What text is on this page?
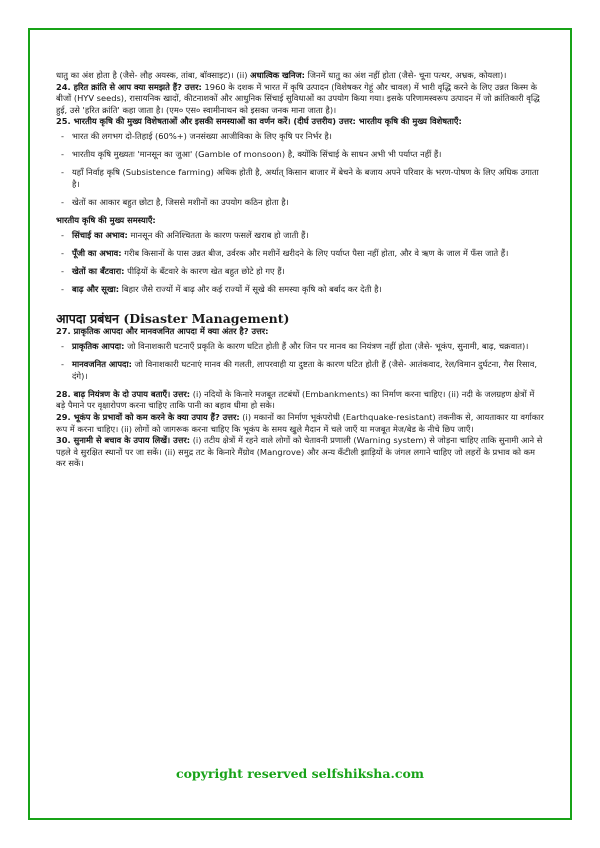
धातु का अंश होता है (जैसे- लौह अयस्क, तांबा, बॉक्साइट)। (ii) अधात्विक खनिज: जिनमें धातु का अंश नहीं होता (जैसे- चूना पत्थर, अभ्रक, कोयला)।

24. हरित क्रांति से आप क्या समझते हैं? उत्तर: 1960 के दशक में भारत में कृषि उत्पादन (विशेषकर गेहूं और चावल) में भारी वृद्धि करने के लिए उन्नत किस्म के बीजों (HYV seeds), रासायनिक खादों, कीटनाशकों और आधुनिक सिंचाई सुविधाओं का उपयोग किया गया। इसके परिणामस्वरूप उत्पादन में जो क्रांतिकारी वृद्धि हुई, उसे 'हरित क्रांति' कहा जाता है। (एम० एस० स्वामीनाथन को इसका जनक माना जाता है)।

25. भारतीय कृषि की मुख्य विशेषताओं और इसकी समस्याओं का वर्णन करें। (दीर्घ उत्तरीय) उत्तर: भारतीय कृषि की मुख्य विशेषताएँ:

- भारत की लगभग दो-तिहाई (60%+) जनसंख्या आजीविका के लिए कृषि पर निर्भर है।
- भारतीय कृषि मुख्यतः 'मानसून का जुआ' (Gamble of monsoon) है, क्योंकि सिंचाई के साधन अभी भी पर्याप्त नहीं हैं।
- यहाँ निर्वाह कृषि (Subsistence farming) अधिक होती है, अर्थात् किसान बाजार में बेचने के बजाय अपने परिवार के भरण-पोषण के लिए अधिक उगाता है।
- खेतों का आकार बहुत छोटा है, जिससे मशीनों का उपयोग कठिन होता है।

भारतीय कृषि की मुख्य समस्याएँ:

- सिंचाई का अभाव: मानसून की अनिश्चितता के कारण फसलें खराब हो जाती हैं।
- पूँजी का अभाव: गरीब किसानों के पास उन्नत बीज, उर्वरक और मशीनें खरीदने के लिए पर्याप्त पैसा नहीं होता, और वे ऋण के जाल में फँस जाते हैं।
- खेतों का बँटवारा: पीढ़ियों के बँटवारे के कारण खेत बहुत छोटे हो गए हैं।
- बाढ़ और सूखा: बिहार जैसे राज्यों में बाढ़ और कई राज्यों में सूखे की समस्या कृषि को बर्बाद कर देती है।

आपदा प्रबंधन (Disaster Management)

27. प्राकृतिक आपदा और मानवजनित आपदा में क्या अंतर है? उत्तर:

- प्राकृतिक आपदा: जो विनाशकारी घटनाएँ प्रकृति के कारण घटित होती हैं और जिन पर मानव का नियंत्रण नहीं होता (जैसे- भूकंप, सुनामी, बाढ़, चक्रवात)।
- मानवजनित आपदा: जो विनाशकारी घटनाएं मानव की गलती, लापरवाही या दुष्टता के कारण घटित होती हैं (जैसे- आतंकवाद, रेल/विमान दुर्घटना, गैस रिसाव, दंगे)।

28. बाढ़ नियंत्रण के दो उपाय बताएँ। उत्तर: (i) नदियों के किनारे मजबूत तटबंधों (Embankments) का निर्माण करना चाहिए। (ii) नदी के जलग्रहण क्षेत्रों में बड़े पैमाने पर वृक्षारोपण करना चाहिए ताकि पानी का बहाव धीमा हो सके।

29. भूकंप के प्रभावों को कम करने के क्या उपाय हैं? उत्तर: (i) मकानों का निर्माण भूकंपरोधी (Earthquake-resistant) तकनीक से, आयताकार या वर्गाकार रूप में करना चाहिए। (ii) लोगों को जागरूक करना चाहिए कि भूकंप के समय खुले मैदान में चले जाएँ या मजबूत मेज/बेड के नीचे छिप जाएँ।

30. सुनामी से बचाव के उपाय लिखें। उत्तर: (i) तटीय क्षेत्रों में रहने वाले लोगों को चेतावनी प्रणाली (Warning system) से जोड़ना चाहिए ताकि सुनामी आने से पहले वे सुरक्षित स्थानों पर जा सकें। (ii) समुद्र तट के किनारे मैंग्रोव (Mangrove) और अन्य कँटीली झाड़ियों के जंगल लगाने चाहिए जो लहरों के प्रभाव को कम कर सकें।

copyright reserved selfshiksha.com
